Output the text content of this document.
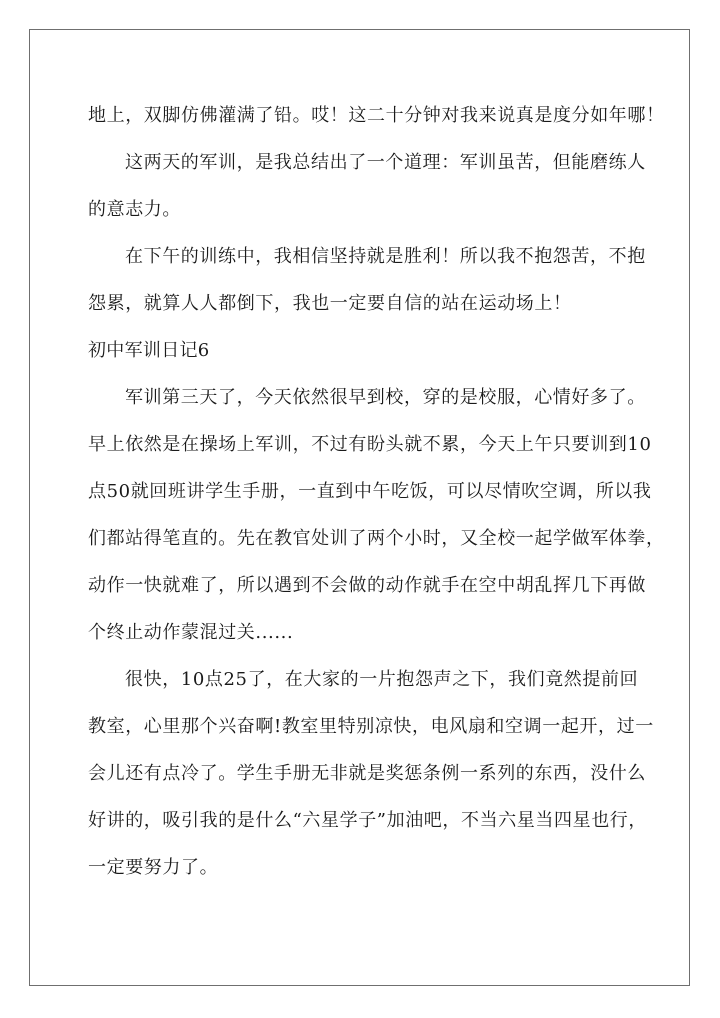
地上，双脚仿佛灌满了铅。哎！这二十分钟对我来说真是度分如年哪！
这两天的军训，是我总结出了一个道理：军训虽苦，但能磨练人
的意志力。
在下午的训练中，我相信坚持就是胜利！所以我不抱怨苦，不抱
怨累，就算人人都倒下，我也一定要自信的站在运动场上！
初中军训日记6
军训第三天了，今天依然很早到校，穿的是校服，心情好多了。
早上依然是在操场上军训，不过有盼头就不累，今天上午只要训到10
点50就回班讲学生手册，一直到中午吃饭，可以尽情吹空调，所以我
们都站得笔直的。先在教官处训了两个小时，又全校一起学做军体拳，
动作一快就难了，所以遇到不会做的动作就手在空中胡乱挥几下再做
个终止动作蒙混过关......
很快，10点25了，在大家的一片抱怨声之下，我们竟然提前回
教室，心里那个兴奋啊!教室里特别凉快，电风扇和空调一起开，过一
会儿还有点冷了。学生手册无非就是奖惩条例一系列的东西，没什么
好讲的，吸引我的是什么“六星学子”加油吧，不当六星当四星也行，
一定要努力了。
